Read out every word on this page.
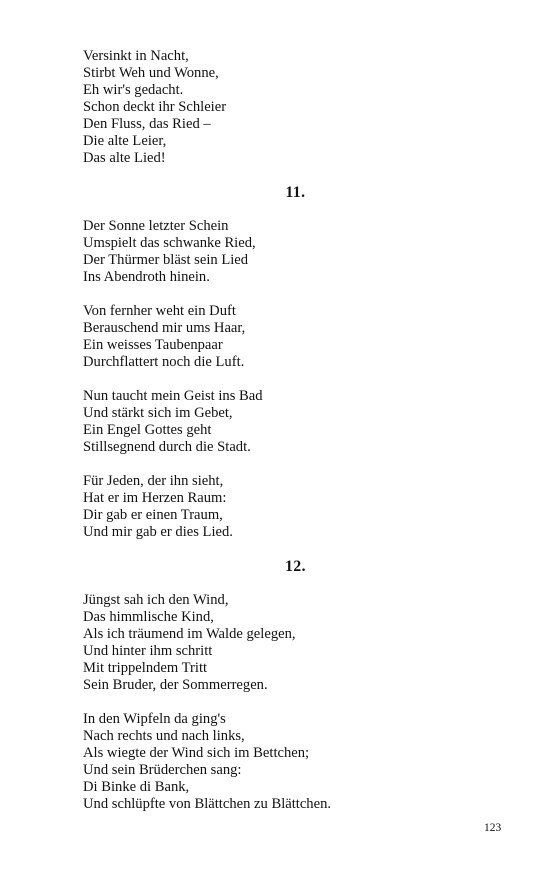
Versinkt in Nacht,
Stirbt Weh und Wonne,
Eh wir's gedacht.
Schon deckt ihr Schleier
Den Fluss, das Ried –
Die alte Leier,
Das alte Lied!
11.
Der Sonne letzter Schein
Umspielt das schwanke Ried,
Der Thürmer bläst sein Lied
Ins Abendroth hinein.
Von fernher weht ein Duft
Berauschend mir ums Haar,
Ein weisses Taubenpaar
Durchflattert noch die Luft.
Nun taucht mein Geist ins Bad
Und stärkt sich im Gebet,
Ein Engel Gottes geht
Stillsegnend durch die Stadt.
Für Jeden, der ihn sieht,
Hat er im Herzen Raum:
Dir gab er einen Traum,
Und mir gab er dies Lied.
12.
Jüngst sah ich den Wind,
Das himmlische Kind,
Als ich träumend im Walde gelegen,
Und hinter ihm schritt
Mit trippelndem Tritt
Sein Bruder, der Sommerregen.
In den Wipfeln da ging's
Nach rechts und nach links,
Als wiegte der Wind sich im Bettchen;
Und sein Brüderchen sang:
Di Binke di Bank,
Und schlüpfte von Blättchen zu Blättchen.
123
